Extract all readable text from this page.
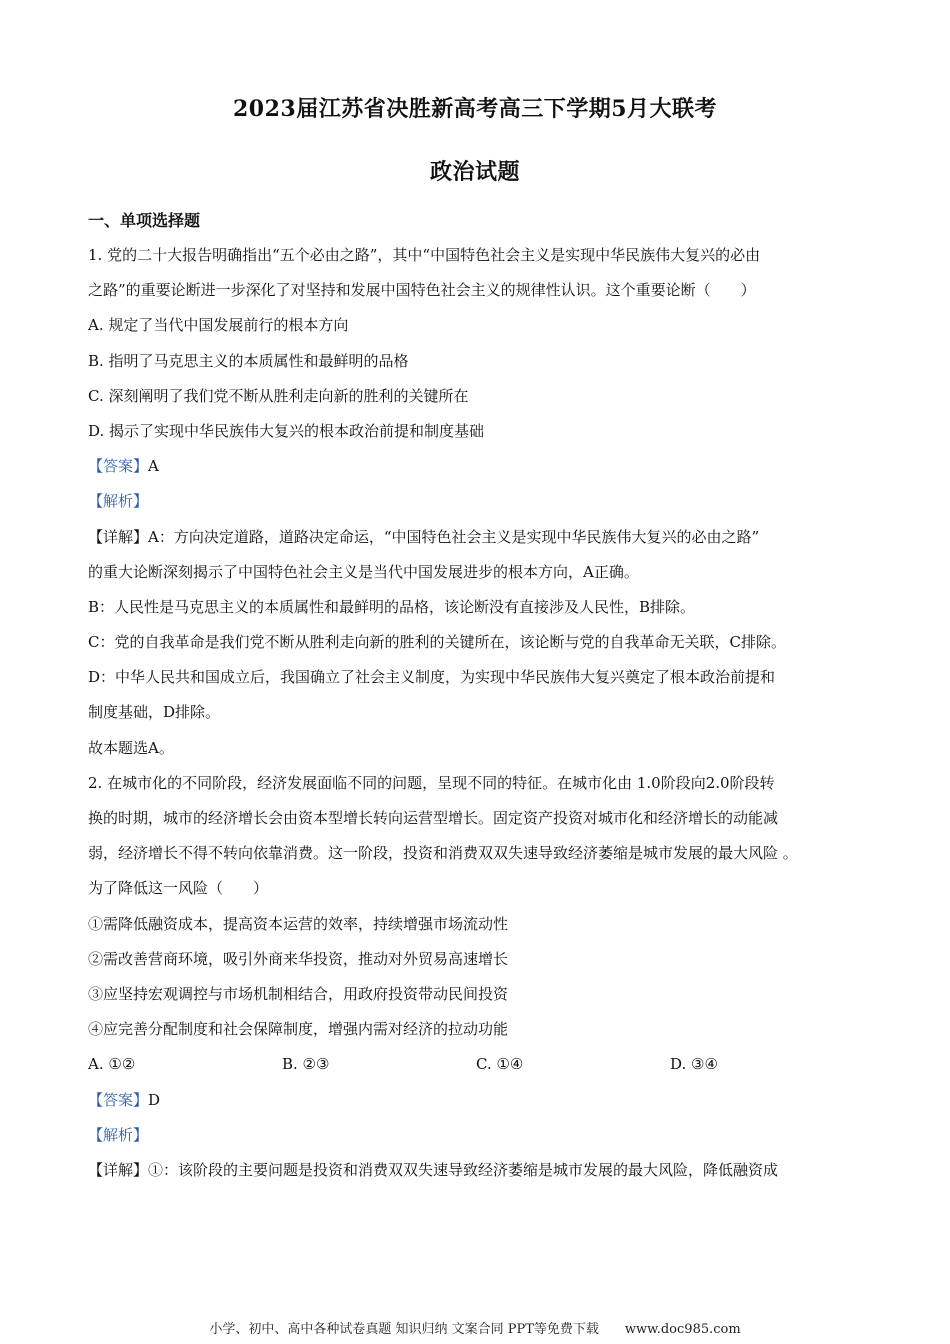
2023届江苏省决胜新高考高三下学期5月大联考
政治试题
一、单项选择题
1. 党的二十大报告明确指出“五个必由之路”，其中“中国特色社会主义是实现中华民族伟大复兴的必由
之路”的重要论断进一步深化了对坚持和发展中国特色社会主义的规律性认识。这个重要论断（　　）
A. 规定了当代中国发展前行的根本方向
B. 指明了马克思主义的本质属性和最鲜明的品格
C. 深刻阐明了我们党不断从胜利走向新的胜利的关键所在
D. 揭示了实现中华民族伟大复兴的根本政治前提和制度基础
【答案】A
【解析】
【详解】A：方向决定道路，道路决定命运，“中国特色社会主义是实现中华民族伟大复兴的必由之路”
的重大论断深刻揭示了中国特色社会主义是当代中国发展进步的根本方向，A正确。
B：人民性是马克思主义的本质属性和最鲜明的品格，该论断没有直接涉及人民性，B排除。
C：党的自我革命是我们党不断从胜利走向新的胜利的关键所在，该论断与党的自我革命无关联，C排除。
D：中华人民共和国成立后，我国确立了社会主义制度，为实现中华民族伟大复兴奠定了根本政治前提和
制度基础，D排除。
故本题选A。
2. 在城市化的不同阶段，经济发展面临不同的问题，呈现不同的特征。在城市化由 1.0阶段向2.0阶段转
换的时期，城市的经济增长会由资本型增长转向运营型增长。固定资产投资对城市化和经济增长的动能减
弱，经济增长不得不转向依靠消费。这一阶段，投资和消费双双失速导致经济萎缩是城市发展的最大风险 。
为了降低这一风险（　　）
①需降低融资成本，提高资本运营的效率，持续增强市场流动性
②需改善营商环境，吸引外商来华投资，推动对外贸易高速增长
③应坚持宏观调控与市场机制相结合，用政府投资带动民间投资
④应完善分配制度和社会保障制度，增强内需对经济的拉动功能
A. ①②	B. ②③	C. ①④	D. ③④
【答案】D
【解析】
【详解】①：该阶段的主要问题是投资和消费双双失速导致经济萎缩是城市发展的最大风险，降低融资成
小学、初中、高中各种试卷真题 知识归纳 文案合同 PPT等免费下载　　www.doc985.com
